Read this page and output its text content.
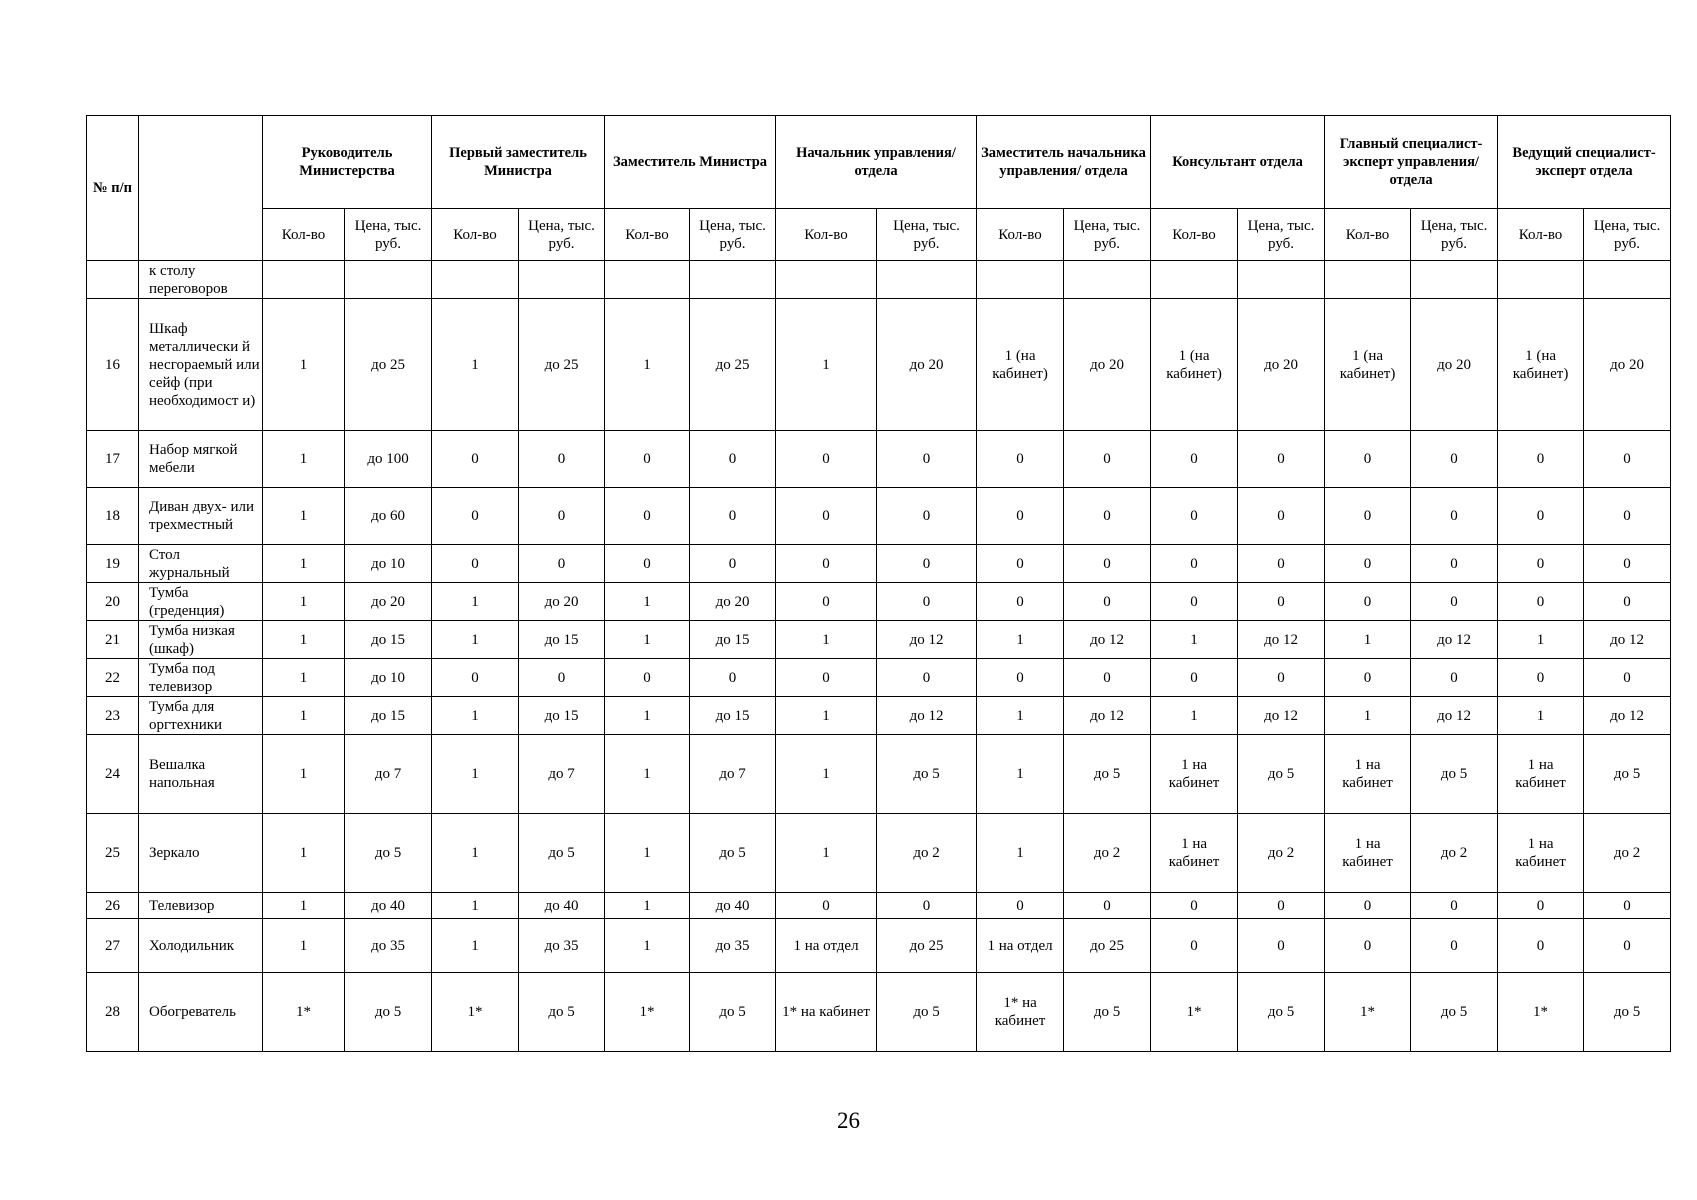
№ п/п		Руководитель Министерства		Первый заместитель Министра		Заместитель Министра		Начальник управления/ отдела		Заместитель начальника управления/ отдела		Консультант отдела		Главный специалист-эксперт управления/ отдела		Ведущий специалист-эксперт отдела	
		Кол-во	Цена, тыс. руб.	Кол-во	Цена, тыс. руб.	Кол-во	Цена, тыс. руб.	Кол-во	Цена, тыс. руб.	Кол-во	Цена, тыс. руб.	Кол-во	Цена, тыс. руб.	Кол-во	Цена, тыс. руб.	Кол-во	Цена, тыс. руб.
	к столу переговоров																
16	Шкаф металлически й несгораемый или сейф (при необходимост и)	1	до 25	1	до 25	1	до 25	1	до 20	1 (на кабинет)	до 20	1 (на кабинет)	до 20	1 (на кабинет)	до 20	1 (на кабинет)	до 20
17	Набор мягкой мебели	1	до 100	0	0	0	0	0	0	0	0	0	0	0	0	0	0
18	Диван двух- или трехместный	1	до 60	0	0	0	0	0	0	0	0	0	0	0	0	0	0
19	Стол журнальный	1	до 10	0	0	0	0	0	0	0	0	0	0	0	0	0	0
20	Тумба (греденция)	1	до 20	1	до 20	1	до 20	0	0	0	0	0	0	0	0	0	0
21	Тумба низкая (шкаф)	1	до 15	1	до 15	1	до 15	1	до 12	1	до 12	1	до 12	1	до 12	1	до 12
22	Тумба под телевизор	1	до 10	0	0	0	0	0	0	0	0	0	0	0	0	0	0
23	Тумба для оргтехники	1	до 15	1	до 15	1	до 15	1	до 12	1	до 12	1	до 12	1	до 12	1	до 12
24	Вешалка напольная	1	до 7	1	до 7	1	до 7	1	до 5	1	до 5	1 на кабинет	до 5	1 на кабинет	до 5	1 на кабинет	до 5
25	Зеркало	1	до 5	1	до 5	1	до 5	1	до 2	1	до 2	1 на кабинет	до 2	1 на кабинет	до 2	1 на кабинет	до 2
26	Телевизор	1	до 40	1	до 40	1	до 40	0	0	0	0	0	0	0	0	0	0
27	Холодильник	1	до 35	1	до 35	1	до 35	1 на отдел	до 25	1 на отдел	до 25	0	0	0	0	0	0
28	Обогреватель	1*	до 5	1*	до 5	1*	до 5	1* на кабинет	до 5	1* на кабинет	до 5	1*	до 5	1*	до 5	1*	до 5
26
